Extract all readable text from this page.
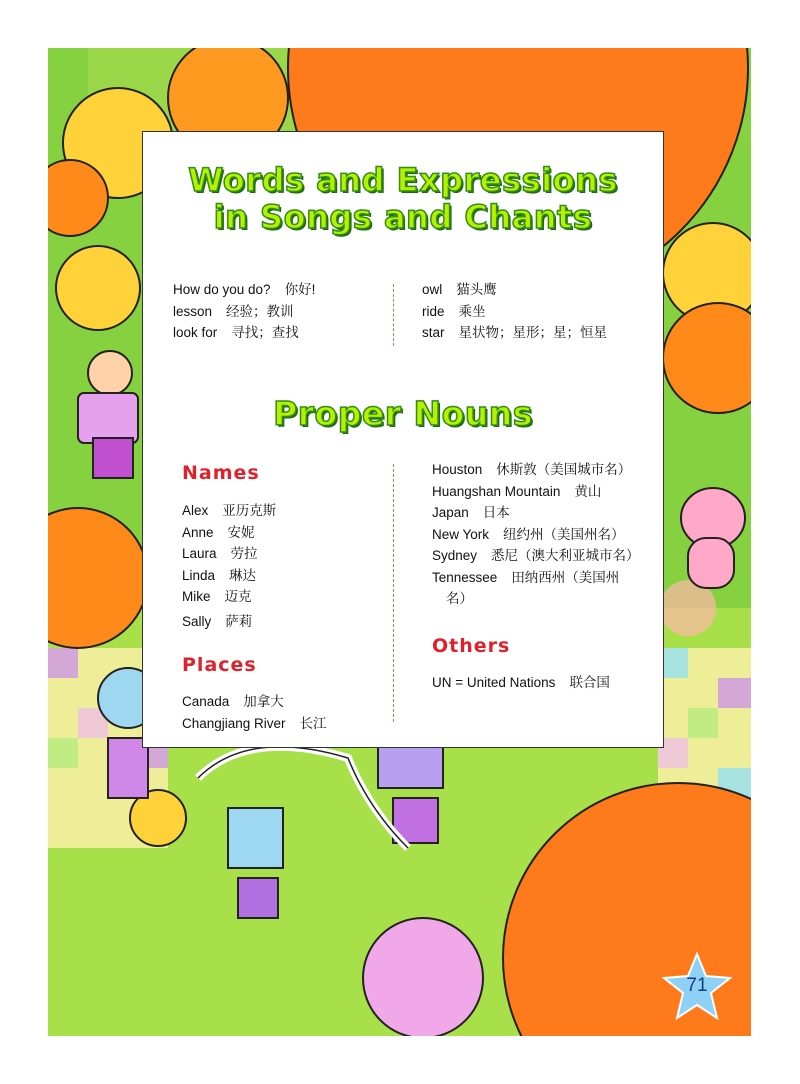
Words and Expressions
in Songs and Chants
How do you do? 你好!
lesson 经验；教训
look for 寻找；查找
owl 猫头鹰
ride 乘坐
star 星状物；星形；星；恒星
Proper Nouns
Names
Alex 亚历克斯
Anne 安妮
Laura 劳拉
Linda 琳达
Mike 迈克
Sally 萨莉
Places
Canada 加拿大
Changjiang River 长江
Houston 休斯敦（美国城市名）
Huangshan Mountain 黄山
Japan 日本
New York 纽约州（美国州名）
Sydney 悉尼（澳大利亚城市名）
Tennessee 田纳西州（美国州
名）
Others
UN = United Nations 联合国
71
